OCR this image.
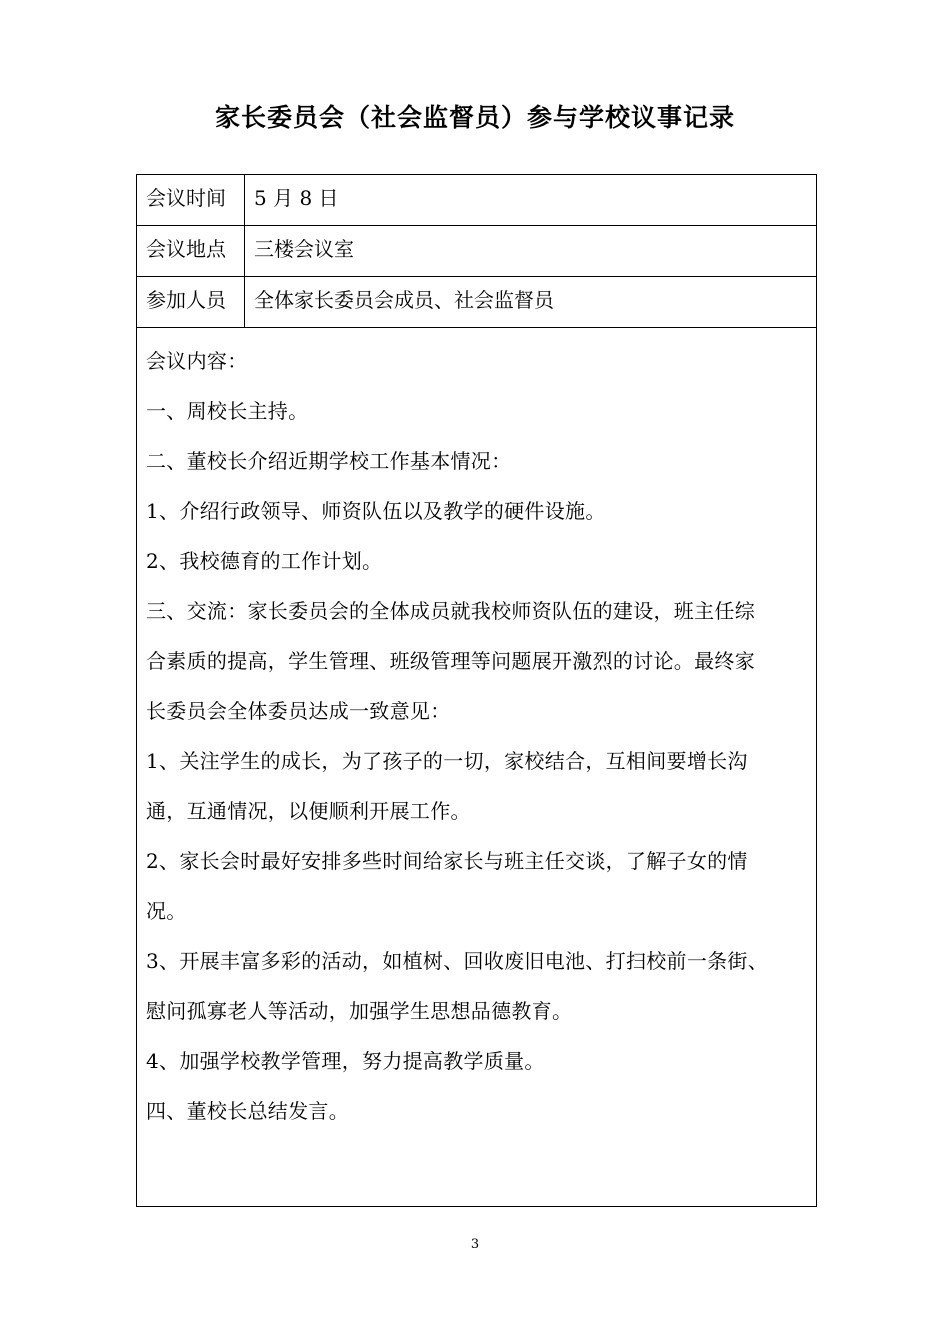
家长委员会（社会监督员）参与学校议事记录
会议时间	5 月 8 日
会议地点	三楼会议室
参加人员	全体家长委员会成员、社会监督员

会议内容：

一、周校长主持。

二、董校长介绍近期学校工作基本情况：

1、介绍行政领导、师资队伍以及教学的硬件设施。

2、我校德育的工作计划。

三、交流：家长委员会的全体成员就我校师资队伍的建设，班主任综

合素质的提高，学生管理、班级管理等问题展开激烈的讨论。最终家

长委员会全体委员达成一致意见：

1、关注学生的成长，为了孩子的一切，家校结合，互相间要增长沟

通，互通情况，以便顺利开展工作。

2、家长会时最好安排多些时间给家长与班主任交谈，了解子女的情

况。

3、开展丰富多彩的活动，如植树、回收废旧电池、打扫校前一条街、

慰问孤寡老人等活动，加强学生思想品德教育。

4、加强学校教学管理，努力提高教学质量。

四、董校长总结发言。

3
